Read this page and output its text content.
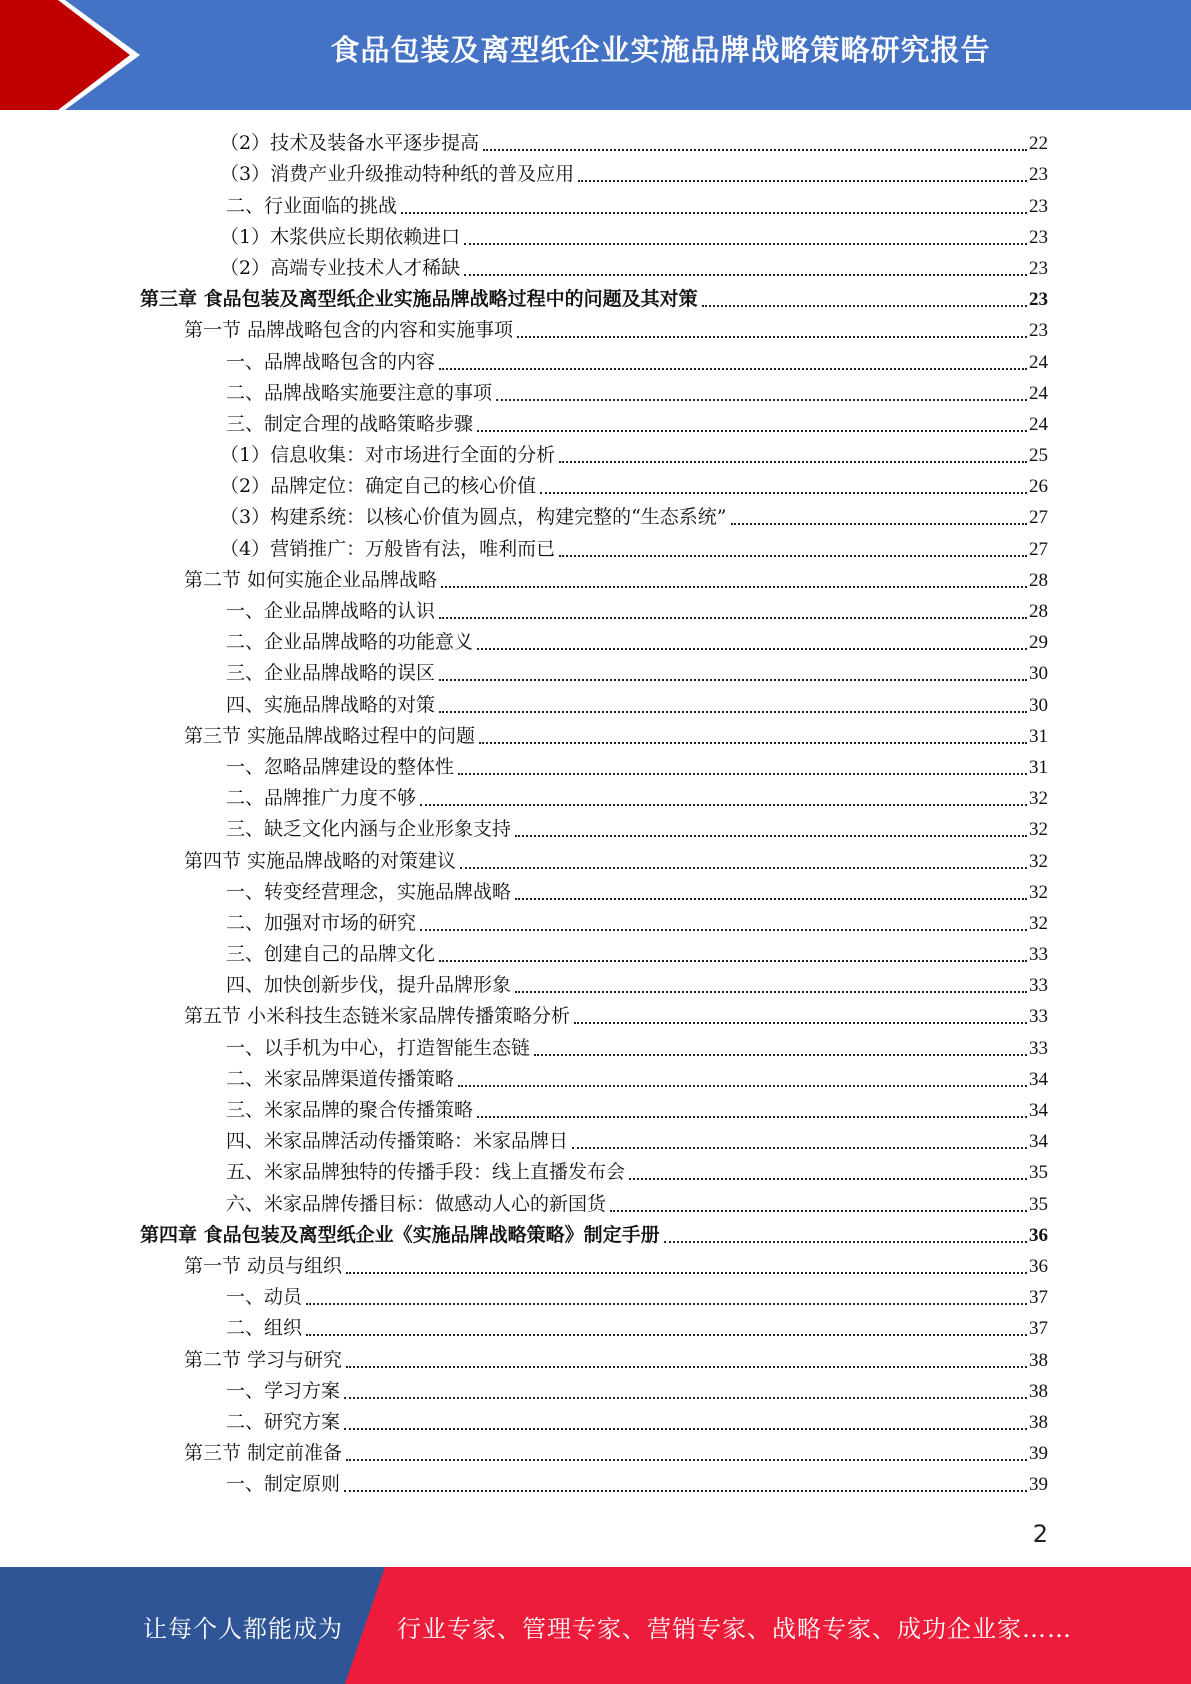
食品包装及离型纸企业实施品牌战略策略研究报告
（2）技术及装备水平逐步提高	22
（3）消费产业升级推动特种纸的普及应用	23
二、行业面临的挑战	23
（1）木浆供应长期依赖进口	23
（2）高端专业技术人才稀缺	23
第三章 食品包装及离型纸企业实施品牌战略过程中的问题及其对策	23
第一节 品牌战略包含的内容和实施事项	23
一、品牌战略包含的内容	24
二、品牌战略实施要注意的事项	24
三、制定合理的战略策略步骤	24
（1）信息收集：对市场进行全面的分析	25
（2）品牌定位：确定自己的核心价值	26
（3）构建系统：以核心价值为圆点，构建完整的“生态系统”	27
（4）营销推广：万般皆有法，唯利而已	27
第二节 如何实施企业品牌战略	28
一、企业品牌战略的认识	28
二、企业品牌战略的功能意义	29
三、企业品牌战略的误区	30
四、实施品牌战略的对策	30
第三节 实施品牌战略过程中的问题	31
一、忽略品牌建设的整体性	31
二、品牌推广力度不够	32
三、缺乏文化内涵与企业形象支持	32
第四节 实施品牌战略的对策建议	32
一、转变经营理念，实施品牌战略	32
二、加强对市场的研究	32
三、创建自己的品牌文化	33
四、加快创新步伐，提升品牌形象	33
第五节 小米科技生态链米家品牌传播策略分析	33
一、以手机为中心，打造智能生态链	33
二、米家品牌渠道传播策略	34
三、米家品牌的聚合传播策略	34
四、米家品牌活动传播策略：米家品牌日	34
五、米家品牌独特的传播手段：线上直播发布会	35
六、米家品牌传播目标：做感动人心的新国货	35
第四章 食品包装及离型纸企业《实施品牌战略策略》制定手册	36
第一节 动员与组织	36
一、动员	37
二、组织	37
第二节 学习与研究	38
一、学习方案	38
二、研究方案	38
第三节 制定前准备	39
一、制定原则	39
2
让每个人都能成为 行业专家、管理专家、营销专家、战略专家、成功企业家……
